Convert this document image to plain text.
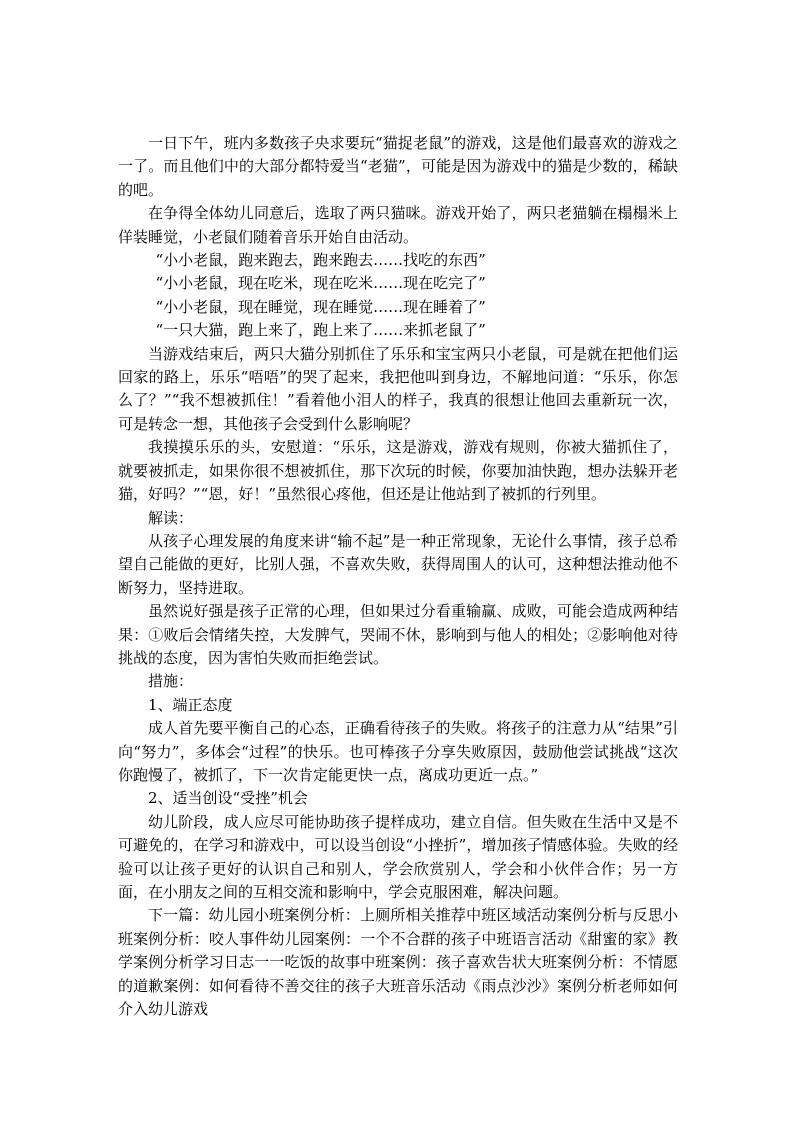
一日下午，班内多数孩子央求要玩“猫捉老鼠”的游戏，这是他们最喜欢的游戏之一了。而且他们中的大部分都特爱当“老猫”，可能是因为游戏中的猫是少数的，稀缺的吧。

在争得全体幼儿同意后，选取了两只猫咪。游戏开始了，两只老猫躺在榻榻米上佯装睡觉，小老鼠们随着音乐开始自由活动。

“小小老鼠，跑来跑去，跑来跑去……找吃的东西”

“小小老鼠，现在吃米，现在吃米……现在吃完了”

“小小老鼠，现在睡觉，现在睡觉……现在睡着了”

“一只大猫，跑上来了，跑上来了……来抓老鼠了”

当游戏结束后，两只大猫分别抓住了乐乐和宝宝两只小老鼠，可是就在把他们运回家的路上，乐乐“唔唔”的哭了起来，我把他叫到身边，不解地问道：“乐乐，你怎么了？”“我不想被抓住！”看着他小泪人的样子，我真的很想让他回去重新玩一次，可是转念一想，其他孩子会受到什么影响呢？

我摸摸乐乐的头，安慰道：“乐乐，这是游戏，游戏有规则，你被大猫抓住了，就要被抓走，如果你很不想被抓住，那下次玩的时候，你要加油快跑，想办法躲开老猫，好吗？”“恩，好！”虽然很心疼他，但还是让他站到了被抓的行列里。

解读：

从孩子心理发展的角度来讲“输不起”是一种正常现象，无论什么事情，孩子总希望自己能做的更好，比别人强，不喜欢失败，获得周围人的认可，这种想法推动他不断努力，坚持进取。

虽然说好强是孩子正常的心理，但如果过分看重输赢、成败，可能会造成两种结果：①败后会情绪失控，大发脾气，哭闹不休，影响到与他人的相处；②影响他对待挑战的态度，因为害怕失败而拒绝尝试。

措施：

1、端正态度

成人首先要平衡自己的心态，正确看待孩子的失败。将孩子的注意力从“结果”引向“努力”，多体会“过程”的快乐。也可棒孩子分享失败原因，鼓励他尝试挑战“这次你跑慢了，被抓了，下一次肯定能更快一点，离成功更近一点。”

2、适当创设“受挫”机会

幼儿阶段，成人应尽可能协助孩子提样成功，建立自信。但失败在生活中又是不可避免的，在学习和游戏中，可以设当创设“小挫折”，增加孩子情感体验。失败的经验可以让孩子更好的认识自己和别人，学会欣赏别人，学会和小伙伴合作；另一方面，在小朋友之间的互相交流和影响中，学会克服困难，解决问题。

下一篇：幼儿园小班案例分析：上厕所相关推荐中班区域活动案例分析与反思小班案例分析：咬人事件幼儿园案例：一个不合群的孩子中班语言活动《甜蜜的家》教学案例分析学习日志一一吃饭的故事中班案例：孩子喜欢告状大班案例分析：不情愿的道歉案例：如何看待不善交往的孩子大班音乐活动《雨点沙沙》案例分析老师如何介入幼儿游戏
